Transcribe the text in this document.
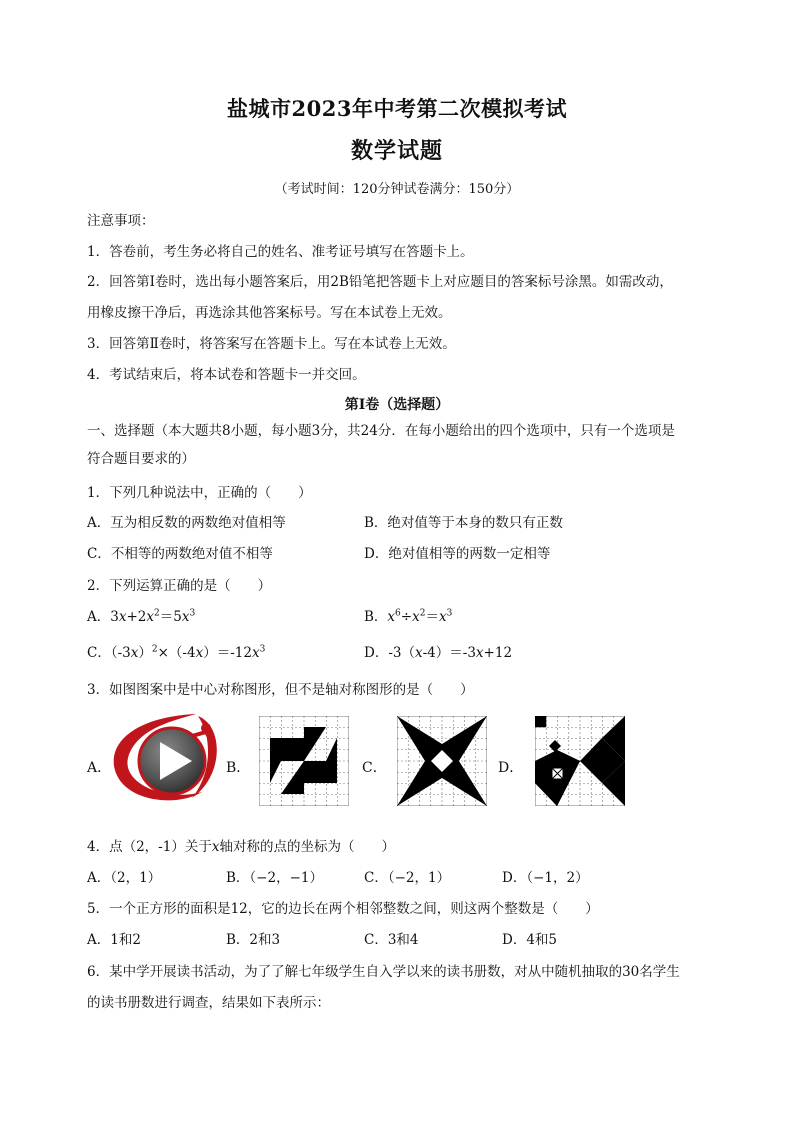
盐城市2023年中考第二次模拟考试
数学试题
（考试时间：120分钟试卷满分：150分）
注意事项：
1．答卷前，考生务必将自己的姓名、准考证号填写在答题卡上。
2．回答第Ⅰ卷时，选出每小题答案后，用2B铅笔把答题卡上对应题目的答案标号涂黑。如需改动，
用橡皮擦干净后，再选涂其他答案标号。写在本试卷上无效。
3．回答第Ⅱ卷时，将答案写在答题卡上。写在本试卷上无效。
4．考试结束后，将本试卷和答题卡一并交回。
第Ⅰ卷（选择题）
一、选择题（本大题共8小题，每小题3分，共24分．在每小题给出的四个选项中，只有一个选项是
符合题目要求的）
1．下列几种说法中，正确的（　　）
A．互为相反数的两数绝对值相等	B．绝对值等于本身的数只有正数
C．不相等的两数绝对值不相等	D．绝对值相等的两数一定相等
2．下列运算正确的是（　　）
A．$3x+2x^2=5x^3$	B．$x^6\div x^2=x^3$
C．$(-3x)^2\times(-4x)=-12x^3$	D．-3（x-4）＝-3x+12
3．如图图案中是中心对称图形，但不是轴对称图形的是（　　）
A．	B．	C．	D．
4．点（2，-1）关于x轴对称的点的坐标为（　　）
A．（2，1）	B．（−2，−1）	C．（−2，1）	D．（−1，2）
5．一个正方形的面积是12，它的边长在两个相邻整数之间，则这两个整数是（　　）
A．1和2	B．2和3	C．3和4	D．4和5
6．某中学开展读书活动，为了了解七年级学生自入学以来的读书册数，对从中随机抽取的30名学生
的读书册数进行调查，结果如下表所示：
